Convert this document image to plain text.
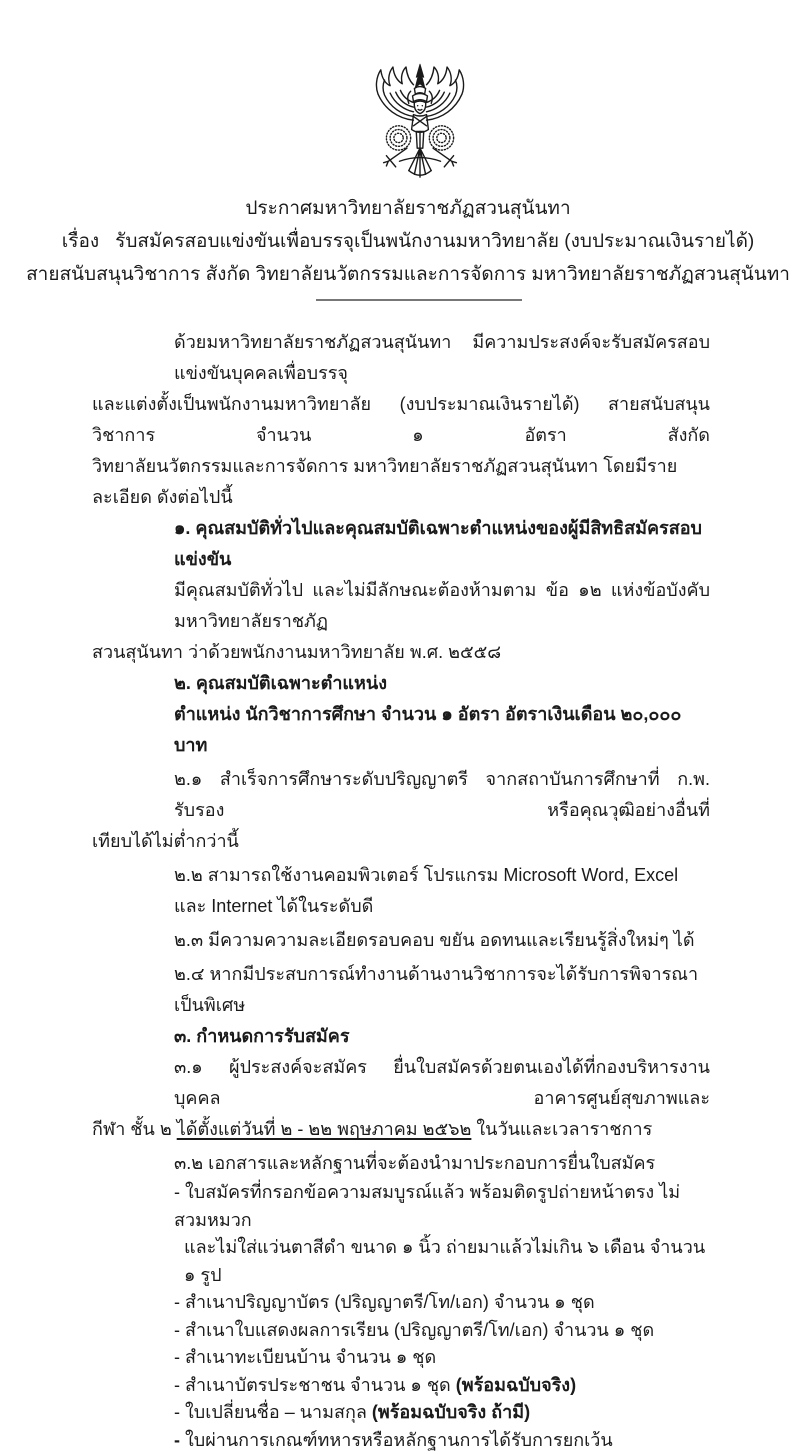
ประกาศมหาวิทยาลัยราชภัฏสวนสุนันทา
เรื่อง รับสมัครสอบแข่งขันเพื่อบรรจุเป็นพนักงานมหาวิทยาลัย (งบประมาณเงินรายได้)
สายสนับสนุนวิชาการ สังกัด วิทยาลัยนวัตกรรมและการจัดการ มหาวิทยาลัยราชภัฏสวนสุนันทา
ด้วยมหาวิทยาลัยราชภัฏสวนสุนันทา มีความประสงค์จะรับสมัครสอบแข่งขันบุคคลเพื่อบรรจุ
และแต่งตั้งเป็นพนักงานมหาวิทยาลัย (งบประมาณเงินรายได้) สายสนับสนุนวิชาการ จำนวน ๑ อัตรา สังกัด
วิทยาลัยนวัตกรรมและการจัดการ มหาวิทยาลัยราชภัฏสวนสุนันทา โดยมีรายละเอียด ดังต่อไปนี้
๑. คุณสมบัติทั่วไปและคุณสมบัติเฉพาะตำแหน่งของผู้มีสิทธิสมัครสอบแข่งขัน
มีคุณสมบัติทั่วไป และไม่มีลักษณะต้องห้ามตาม ข้อ ๑๒ แห่งข้อบังคับมหาวิทยาลัยราชภัฏ
สวนสุนันทา ว่าด้วยพนักงานมหาวิทยาลัย พ.ศ. ๒๕๕๘
๒. คุณสมบัติเฉพาะตำแหน่ง
ตำแหน่ง นักวิชาการศึกษา จำนวน ๑ อัตรา อัตราเงินเดือน ๒๐,๐๐๐ บาท
๒.๑ สำเร็จการศึกษาระดับปริญญาตรี จากสถาบันการศึกษาที่ ก.พ. รับรอง หรือคุณวุฒิอย่างอื่นที่
เทียบได้ไม่ต่ำกว่านี้
๒.๒ สามารถใช้งานคอมพิวเตอร์ โปรแกรม Microsoft Word, Excel และ Internet ได้ในระดับดี
๒.๓ มีความความละเอียดรอบคอบ ขยัน อดทนและเรียนรู้สิ่งใหม่ๆ ได้
๒.๔ หากมีประสบการณ์ทำงานด้านงานวิชาการจะได้รับการพิจารณาเป็นพิเศษ
๓. กำหนดการรับสมัคร
๓.๑ ผู้ประสงค์จะสมัคร ยื่นใบสมัครด้วยตนเองได้ที่กองบริหารงานบุคคล อาคารศูนย์สุขภาพและ
กีฬา ชั้น ๒ ได้ตั้งแต่วันที่ ๒ - ๒๒ พฤษภาคม ๒๕๖๒ ในวันและเวลาราชการ
๓.๒ เอกสารและหลักฐานที่จะต้องนำมาประกอบการยื่นใบสมัคร
- ใบสมัครที่กรอกข้อความสมบูรณ์แล้ว พร้อมติดรูปถ่ายหน้าตรง ไม่สวมหมวก
และไม่ใส่แว่นตาสีดำ ขนาด ๑ นิ้ว ถ่ายมาแล้วไม่เกิน ๖ เดือน จำนวน ๑ รูป
- สำเนาปริญญาบัตร (ปริญญาตรี/โท/เอก) จำนวน ๑ ชุด
- สำเนาใบแสดงผลการเรียน (ปริญญาตรี/โท/เอก) จำนวน ๑ ชุด
- สำเนาทะเบียนบ้าน จำนวน ๑ ชุด
- สำเนาบัตรประชาชน จำนวน ๑ ชุด (พร้อมฉบับจริง)
- ใบเปลี่ยนชื่อ – นามสกุล (พร้อมฉบับจริง ถ้ามี)
- ใบผ่านการเกณฑ์ทหารหรือหลักฐานการได้รับการยกเว้น
